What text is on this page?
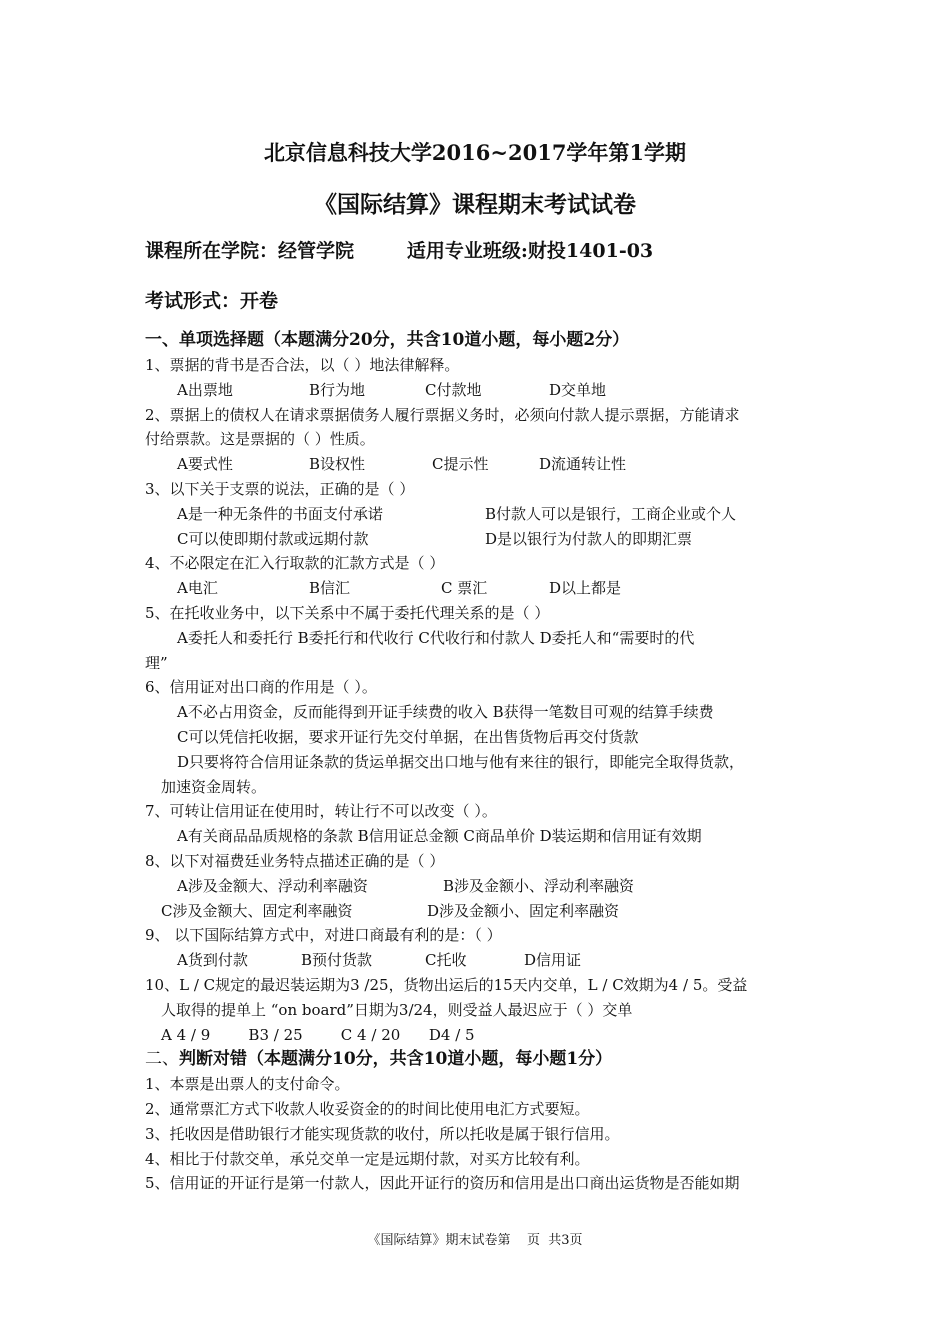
北京信息科技大学2016~2017学年第1学期
《国际结算》课程期末考试试卷
课程所在学院：经管学院        适用专业班级:财投1401-03
考试形式：开卷
一、单项选择题（本题满分20分，共含10道小题，每小题2分）
1、票据的背书是否合法，以（ ）地法律解释。
A出票地	B行为地	C付款地	D交单地
2、票据上的债权人在请求票据债务人履行票据义务时，必须向付款人提示票据，方能请求
付给票款。这是票据的（ ）性质。
A要式性	B设权性	C提示性	D流通转让性
3、以下关于支票的说法，正确的是（ ）
A是一种无条件的书面支付承诺	B付款人可以是银行，工商企业或个人
C可以使即期付款或远期付款	D是以银行为付款人的即期汇票
4、不必限定在汇入行取款的汇款方式是（ ）
A电汇	B信汇	C 票汇	D以上都是
5、在托收业务中，以下关系中不属于委托代理关系的是（ ）
A委托人和委托行 B委托行和代收行 C代收行和付款人 D委托人和“需要时的代
理”
6、信用证对出口商的作用是（ ）。
A不必占用资金，反而能得到开证手续费的收入 B获得一笔数目可观的结算手续费
C可以凭信托收据，要求开证行先交付单据，在出售货物后再交付货款
D只要将符合信用证条款的货运单据交出口地与他有来往的银行，即能完全取得货款，
加速资金周转。
7、可转让信用证在使用时，转让行不可以改变（ ）。
A有关商品品质规格的条款 B信用证总金额 C商品单价 D装运期和信用证有效期
8、以下对福费廷业务特点描述正确的是（ ）
A涉及金额大、浮动利率融资	B涉及金额小、浮动利率融资
C涉及金额大、固定利率融资	D涉及金额小、固定利率融资
9、 以下国际结算方式中，对进口商最有利的是：（ ）
A货到付款	B预付货款	C托收	D信用证
10、L / C规定的最迟装运期为3 /25，货物出运后的15天内交单，L / C效期为4 / 5。受益
人取得的提单上 “on board”日期为3/24，则受益人最迟应于（ ）交单
A 4 / 9        B3 / 25        C 4 / 20      D4 / 5
二、判断对错（本题满分10分，共含10道小题，每小题1分）
1、本票是出票人的支付命令。
2、通常票汇方式下收款人收妥资金的的时间比使用电汇方式要短。
3、托收因是借助银行才能实现货款的收付，所以托收是属于银行信用。
4、相比于付款交单，承兑交单一定是远期付款，对买方比较有利。
5、信用证的开证行是第一付款人，因此开证行的资历和信用是出口商出运货物是否能如期
《国际结算》期末试卷第    页  共3页
